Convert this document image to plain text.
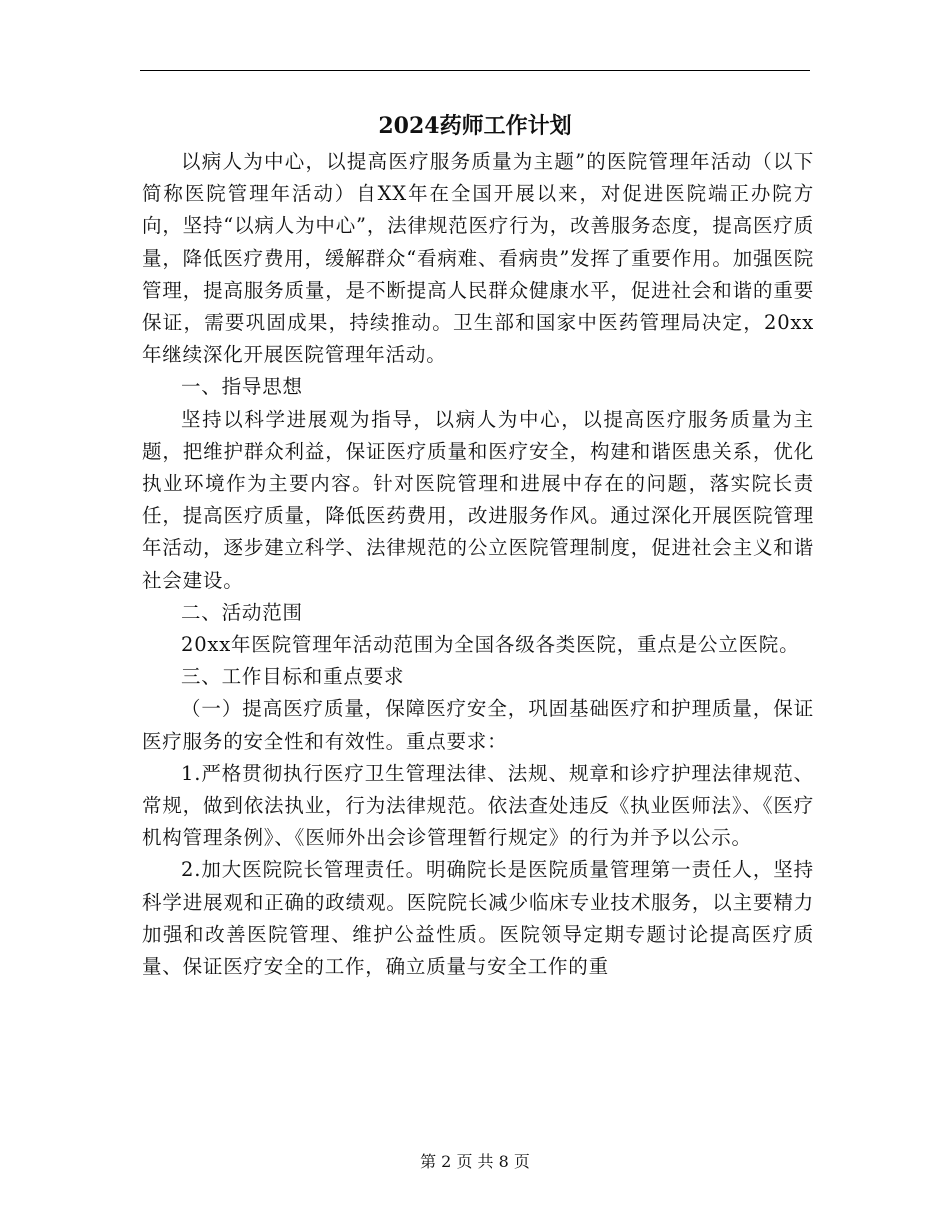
2024药师工作计划

以病人为中心，以提高医疗服务质量为主题”的医院管理年活动（以下简称医院管理年活动）自XX年在全国开展以来，对促进医院端正办院方向，坚持“以病人为中心”，法律规范医疗行为，改善服务态度，提高医疗质量，降低医疗费用，缓解群众“看病难、看病贵”发挥了重要作用。加强医院管理，提高服务质量，是不断提高人民群众健康水平，促进社会和谐的重要保证，需要巩固成果，持续推动。卫生部和国家中医药管理局决定，20xx年继续深化开展医院管理年活动。

一、指导思想

坚持以科学进展观为指导，以病人为中心，以提高医疗服务质量为主题，把维护群众利益，保证医疗质量和医疗安全，构建和谐医患关系，优化执业环境作为主要内容。针对医院管理和进展中存在的问题，落实院长责任，提高医疗质量，降低医药费用，改进服务作风。通过深化开展医院管理年活动，逐步建立科学、法律规范的公立医院管理制度，促进社会主义和谐社会建设。

二、活动范围

20xx年医院管理年活动范围为全国各级各类医院，重点是公立医院。

三、工作目标和重点要求

（一）提高医疗质量，保障医疗安全，巩固基础医疗和护理质量，保证医疗服务的安全性和有效性。重点要求：

1.严格贯彻执行医疗卫生管理法律、法规、规章和诊疗护理法律规范、常规，做到依法执业，行为法律规范。依法查处违反《执业医师法》、《医疗机构管理条例》、《医师外出会诊管理暂行规定》的行为并予以公示。

2.加大医院院长管理责任。明确院长是医院质量管理第一责任人，坚持科学进展观和正确的政绩观。医院院长减少临床专业技术服务，以主要精力加强和改善医院管理、维护公益性质。医院领导定期专题讨论提高医疗质量、保证医疗安全的工作，确立质量与安全工作的重

第 2 页 共 8 页
